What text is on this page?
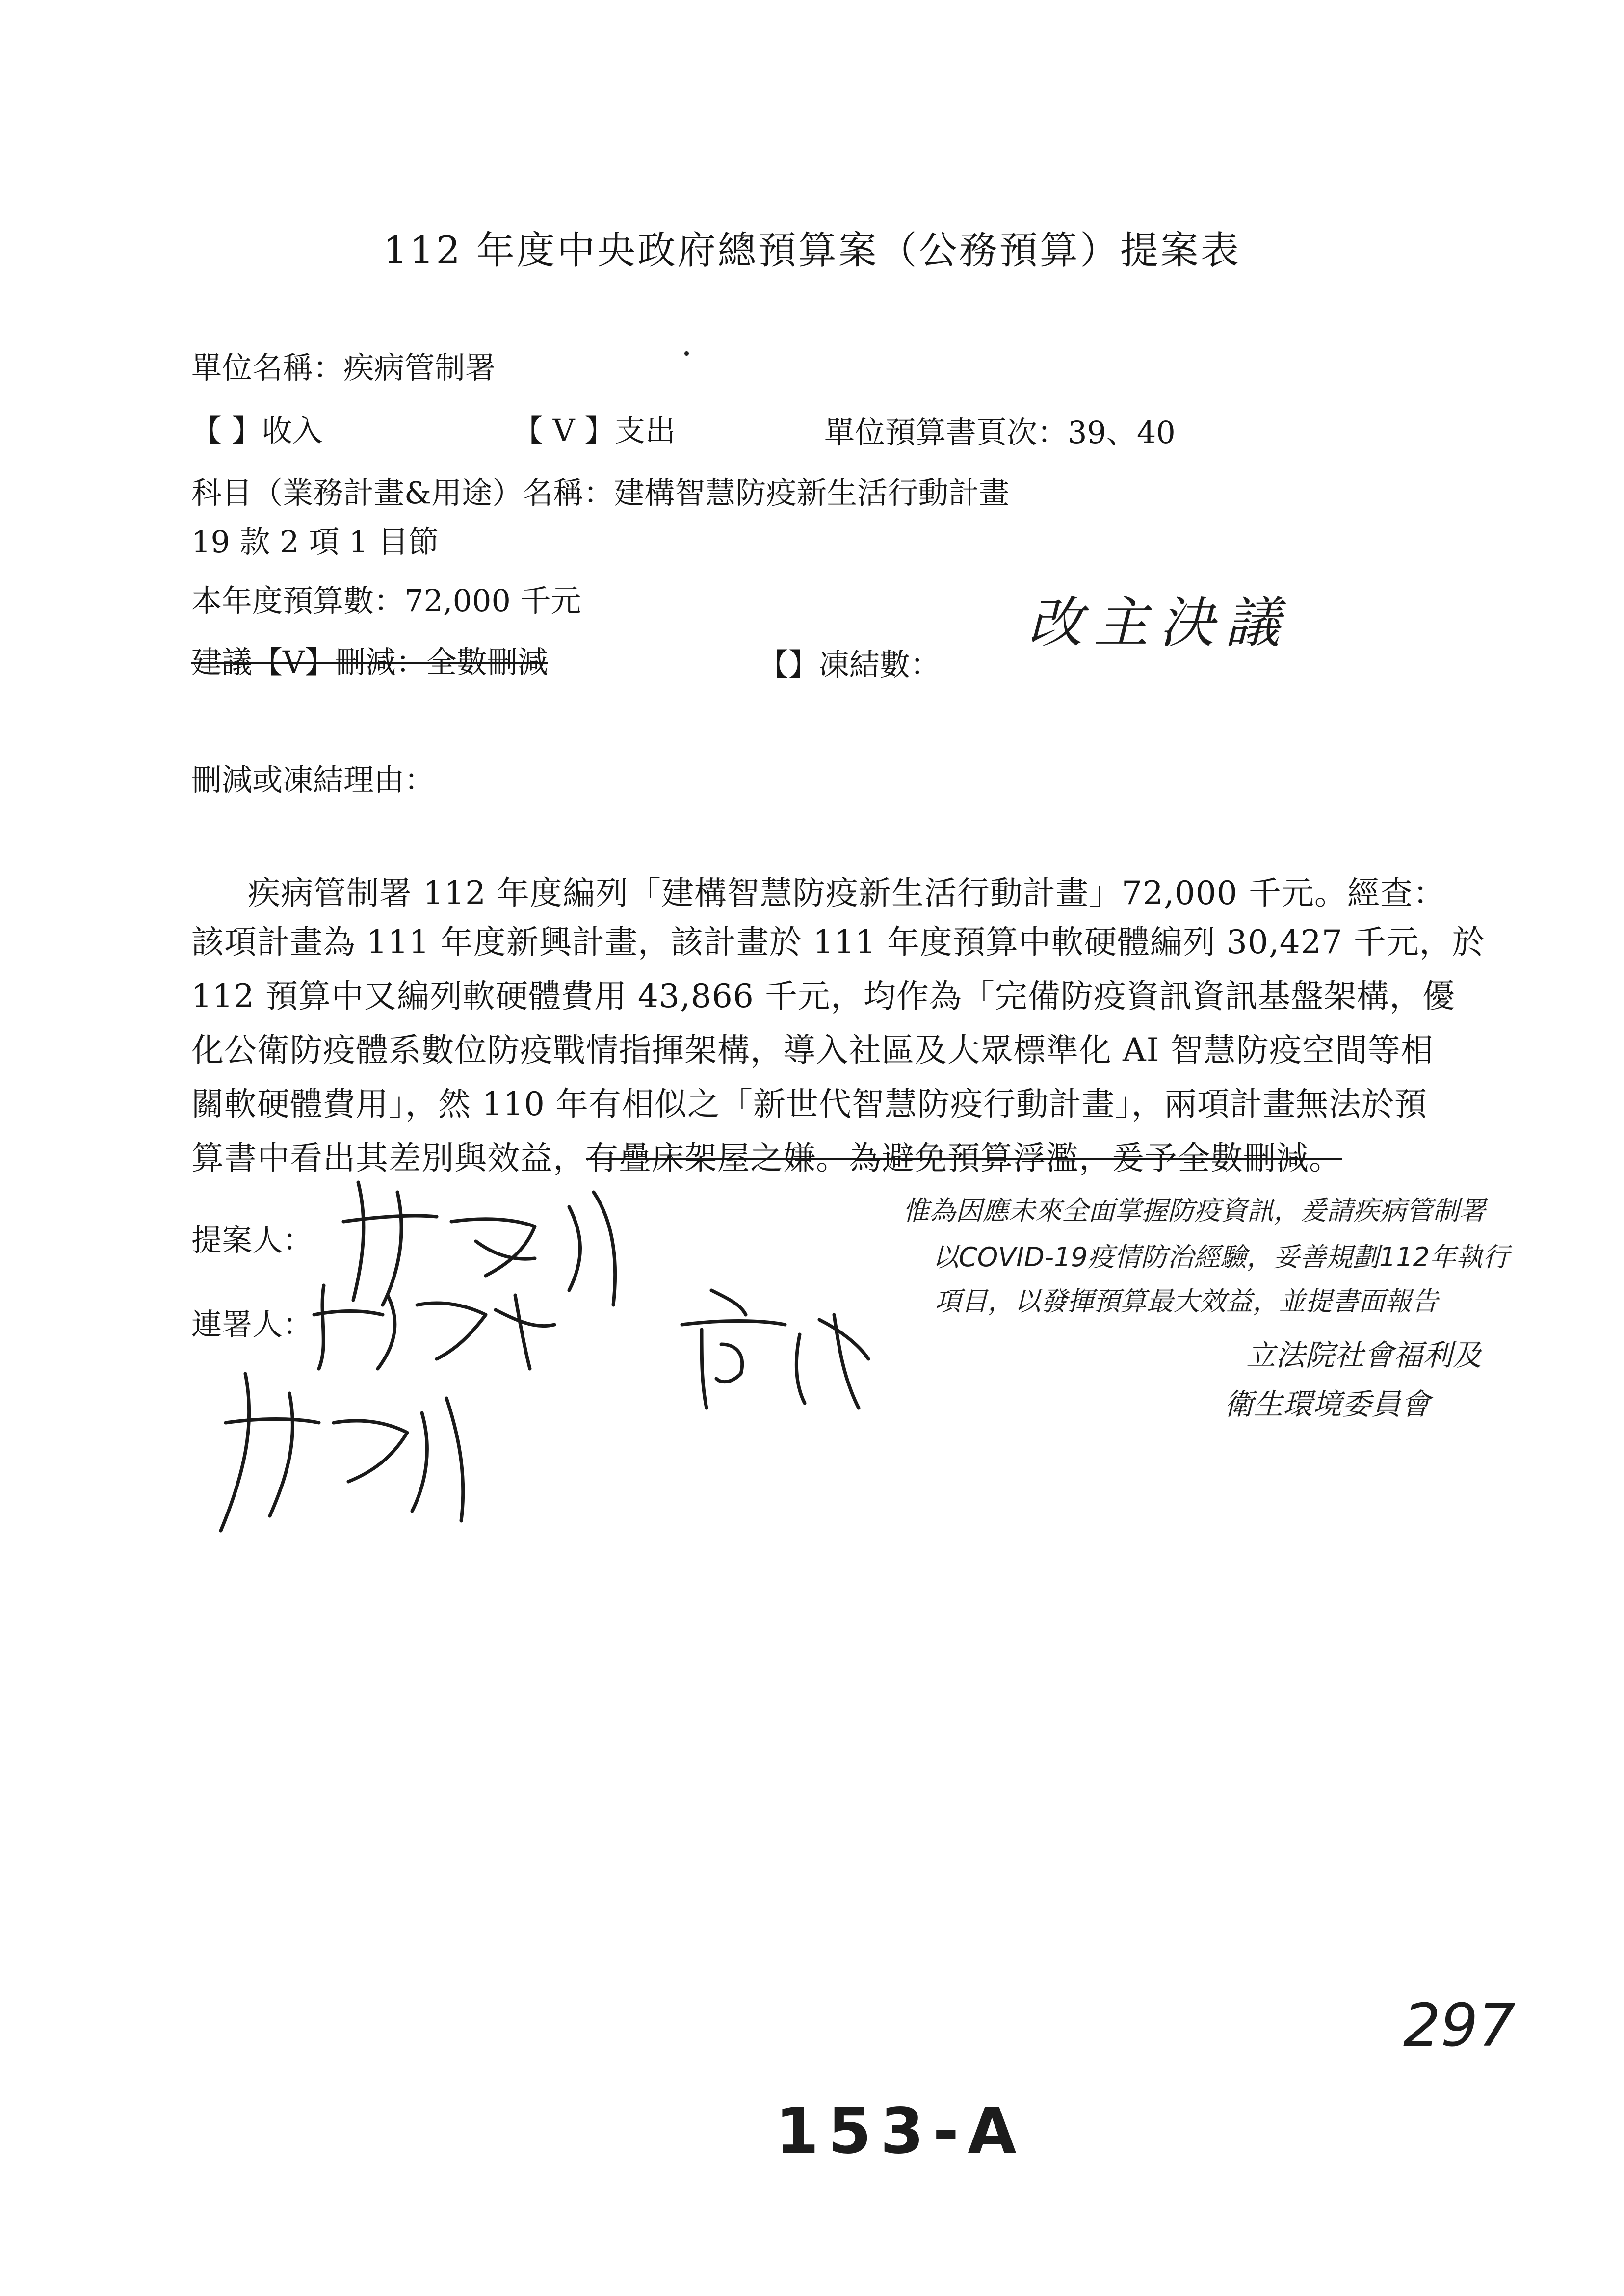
112 年度中央政府總預算案（公務預算）提案表
單位名稱：疾病管制署
【 】收入	【 V 】支出	單位預算書頁次：39、40
科目（業務計畫&用途）名稱：建構智慧防疫新生活行動計畫
19 款 2 項 1 目節
本年度預算數：72,000 千元
建議【V】刪減：全數刪減	【】凍結數：
改主決議
刪減或凍結理由：
疾病管制署 112 年度編列「建構智慧防疫新生活行動計畫」72,000 千元。經查：
該項計畫為 111 年度新興計畫，該計畫於 111 年度預算中軟硬體編列 30,427 千元，於
112 預算中又編列軟硬體費用 43,866 千元，均作為「完備防疫資訊資訊基盤架構，優
化公衛防疫體系數位防疫戰情指揮架構，導入社區及大眾標準化 AI 智慧防疫空間等相
關軟硬體費用」，然 110 年有相似之「新世代智慧防疫行動計畫」，兩項計畫無法於預
算書中看出其差別與效益，有疊床架屋之嫌。為避免預算浮濫，爰予全數刪減。
提案人：
連署人：
惟為因應未來全面掌握防疫資訊，爰請疾病管制署
以COVID-19疫情防治經驗，妥善規劃112年執行
項目，以發揮預算最大效益，並提書面報告
立法院社會福利及
衛生環境委員會
153-A
297
